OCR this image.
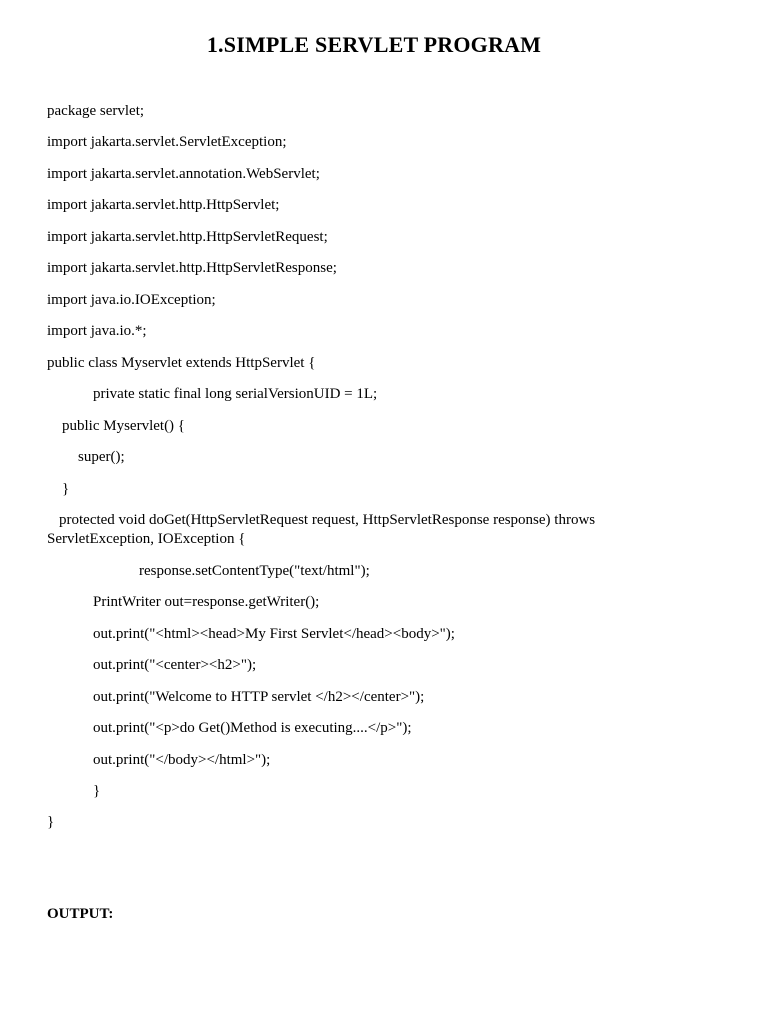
1.SIMPLE SERVLET PROGRAM
package servlet;
import jakarta.servlet.ServletException;
import jakarta.servlet.annotation.WebServlet;
import jakarta.servlet.http.HttpServlet;
import jakarta.servlet.http.HttpServletRequest;
import jakarta.servlet.http.HttpServletResponse;
import java.io.IOException;
import java.io.*;
public class Myservlet extends HttpServlet {
private static final long serialVersionUID = 1L;
public Myservlet() {
super();
}
protected void doGet(HttpServletRequest request, HttpServletResponse response) throws ServletException, IOException {
response.setContentType("text/html");
PrintWriter out=response.getWriter();
out.print("<html><head>My First Servlet</head><body>");
out.print("<center><h2>");
out.print("Welcome to HTTP servlet </h2></center>");
out.print("<p>do Get()Method is executing....</p>");
out.print("</body></html>");
}
}
OUTPUT:
